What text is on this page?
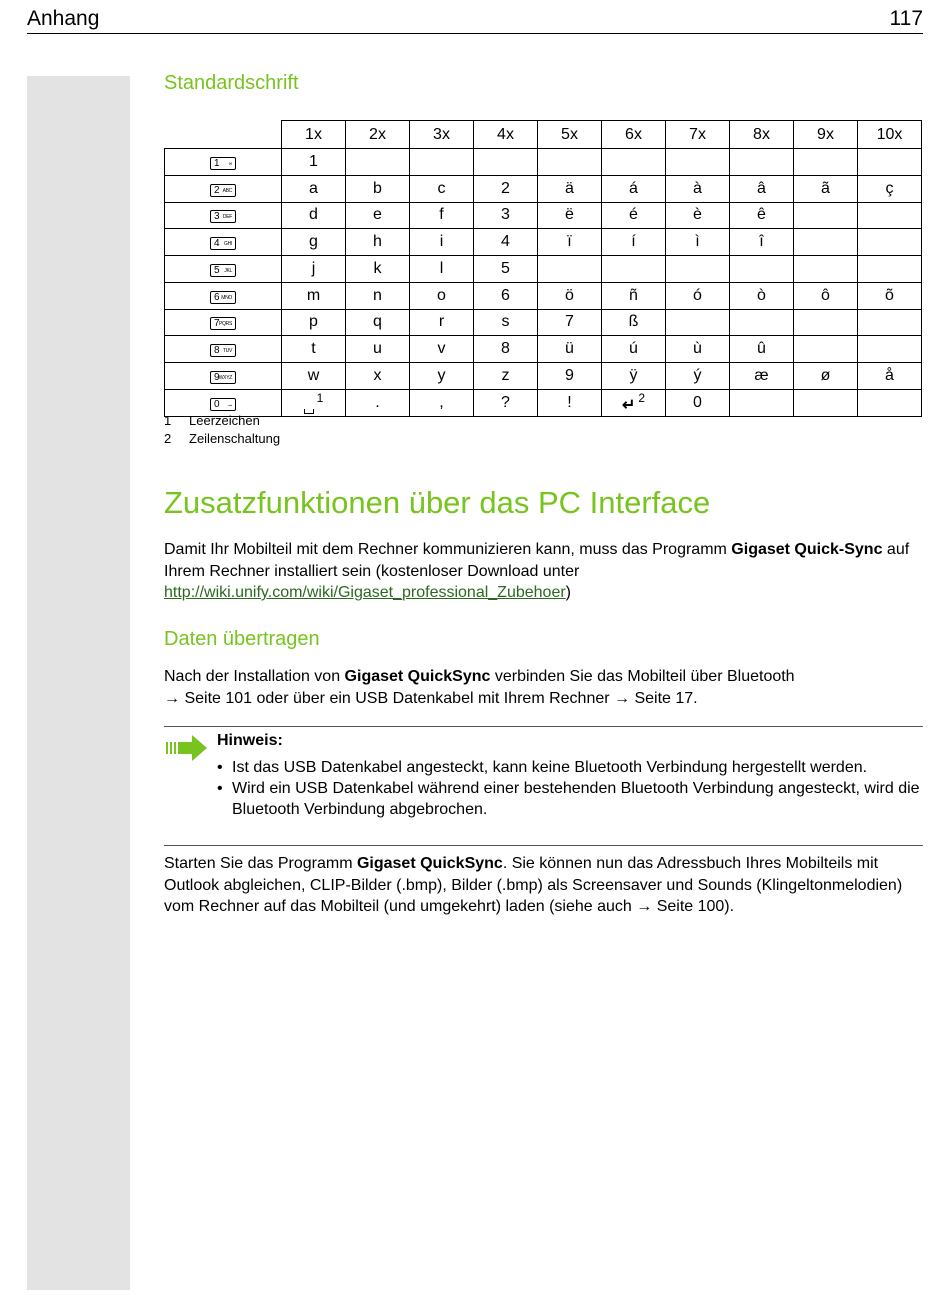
Anhang	117
Standardschrift
	1x	2x	3x	4x	5x	6x	7x	8x	9x	10x
1 ∞	1									
2 ABC	a	b	c	2	ä	á	à	â	ã	ç
3 DEF	d	e	f	3	ë	é	è	ê		
4 GHI	g	h	i	4	ï	í	ì	î		
5 JKL	j	k	l	5						
6 MNO	m	n	o	6	ö	ñ	ó	ò	ô	õ
7 PQRS	p	q	r	s	7	ß				
8 TUV	t	u	v	8	ü	ú	ù	û		
9 WXYZ	w	x	y	z	9	ÿ	ý	æ	ø	å
0 ⌴	$^1$	.	,	?	!	↵ $^2$	0			
1 Leerzeichen
2 Zeilenschaltung
Zusatzfunktionen über das PC Interface
Damit Ihr Mobilteil mit dem Rechner kommunizieren kann, muss das Programm Gigaset Quick-Sync auf Ihrem Rechner installiert sein (kostenloser Download unter http://wiki.unify.com/wiki/Gigaset_professional_Zubehoer)
Daten übertragen
Nach der Installation von Gigaset QuickSync verbinden Sie das Mobilteil über Bluetooth
→ Seite 101 oder über ein USB Datenkabel mit Ihrem Rechner → Seite 17.
Hinweis:
• Ist das USB Datenkabel angesteckt, kann keine Bluetooth Verbindung hergestellt werden.
• Wird ein USB Datenkabel während einer bestehenden Bluetooth Verbindung angesteckt, wird die Bluetooth Verbindung abgebrochen.
Starten Sie das Programm Gigaset QuickSync. Sie können nun das Adressbuch Ihres Mobilteils mit Outlook abgleichen, CLIP-Bilder (.bmp), Bilder (.bmp) als Screensaver und Sounds (Klingeltonmelodien) vom Rechner auf das Mobilteil (und umgekehrt) laden (siehe auch → Seite 100).
